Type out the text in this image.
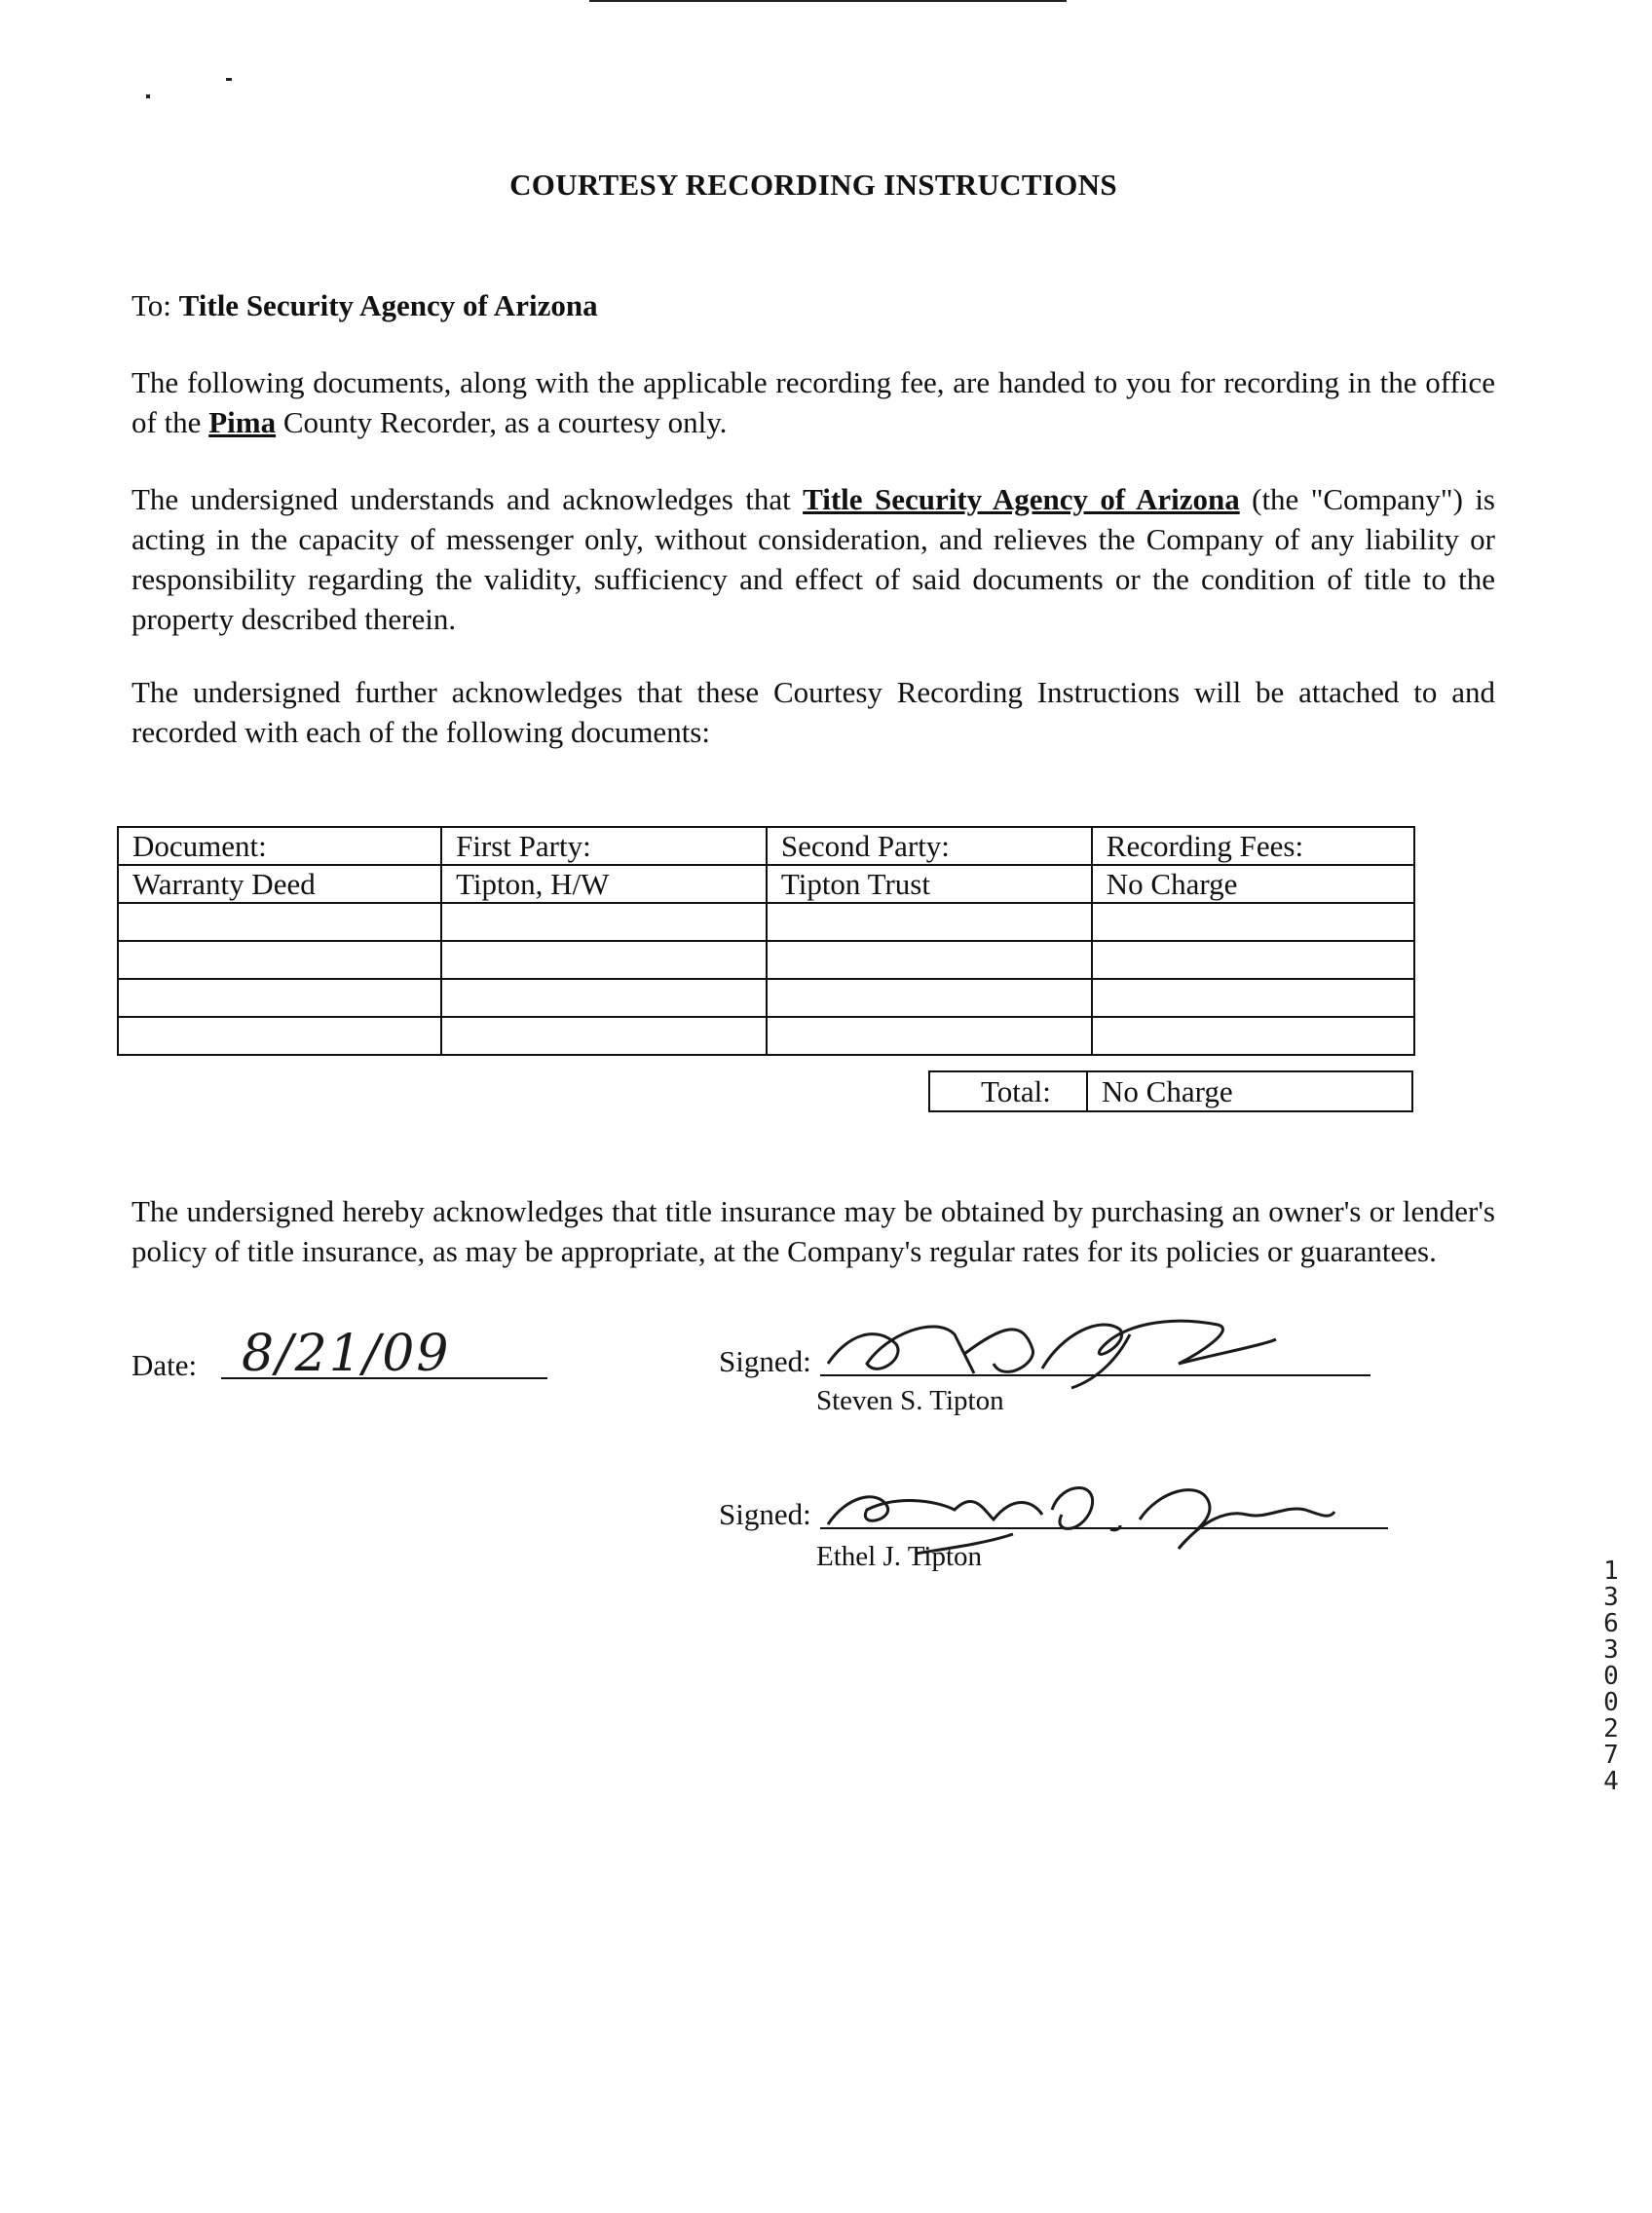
COURTESY RECORDING INSTRUCTIONS
To: Title Security Agency of Arizona
The following documents, along with the applicable recording fee, are handed to you for recording in the office of the Pima County Recorder, as a courtesy only.
The undersigned understands and acknowledges that Title Security Agency of Arizona (the "Company") is acting in the capacity of messenger only, without consideration, and relieves the Company of any liability or responsibility regarding the validity, sufficiency and effect of said documents or the condition of title to the property described therein.
The undersigned further acknowledges that these Courtesy Recording Instructions will be attached to and recorded with each of the following documents:
Document:	First Party:	Second Party:	Recording Fees:
Warranty Deed	Tipton, H/W	Tipton Trust	No Charge

Total:	No Charge
The undersigned hereby acknowledges that title insurance may be obtained by purchasing an owner's or lender's policy of title insurance, as may be appropriate, at the Company's regular rates for its policies or guarantees.
Date: 8/21/09	Signed:
Steven S. Tipton
Signed:
Ethel J. Tipton	13630 0274
